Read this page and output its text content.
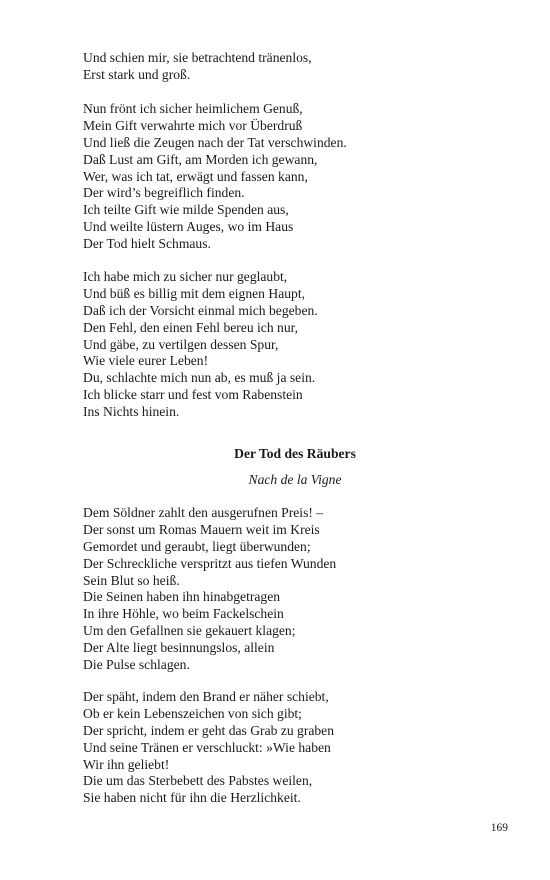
Und schien mir, sie betrachtend tränenlos,
Erst stark und groß.
Nun frönt ich sicher heimlichem Genuß,
Mein Gift verwahrte mich vor Überdruß
Und ließ die Zeugen nach der Tat verschwinden.
Daß Lust am Gift, am Morden ich gewann,
Wer, was ich tat, erwägt und fassen kann,
Der wird’s begreiflich finden.
Ich teilte Gift wie milde Spenden aus,
Und weilte lüstern Auges, wo im Haus
Der Tod hielt Schmaus.
Ich habe mich zu sicher nur geglaubt,
Und büß es billig mit dem eignen Haupt,
Daß ich der Vorsicht einmal mich begeben.
Den Fehl, den einen Fehl bereu ich nur,
Und gäbe, zu vertilgen dessen Spur,
Wie viele eurer Leben!
Du, schlachte mich nun ab, es muß ja sein.
Ich blicke starr und fest vom Rabenstein
Ins Nichts hinein.
Der Tod des Räubers
Nach de la Vigne
Dem Söldner zahlt den ausgerufnen Preis! –
Der sonst um Romas Mauern weit im Kreis
Gemordet und geraubt, liegt überwunden;
Der Schreckliche verspritzt aus tiefen Wunden
Sein Blut so heiß.
Die Seinen haben ihn hinabgetragen
In ihre Höhle, wo beim Fackelschein
Um den Gefallnen sie gekauert klagen;
Der Alte liegt besinnungslos, allein
Die Pulse schlagen.
Der späht, indem den Brand er näher schiebt,
Ob er kein Lebenszeichen von sich gibt;
Der spricht, indem er geht das Grab zu graben
Und seine Tränen er verschluckt: »Wie haben
Wir ihn geliebt!
Die um das Sterbebett des Pabstes weilen,
Sie haben nicht für ihn die Herzlichkeit.
169
